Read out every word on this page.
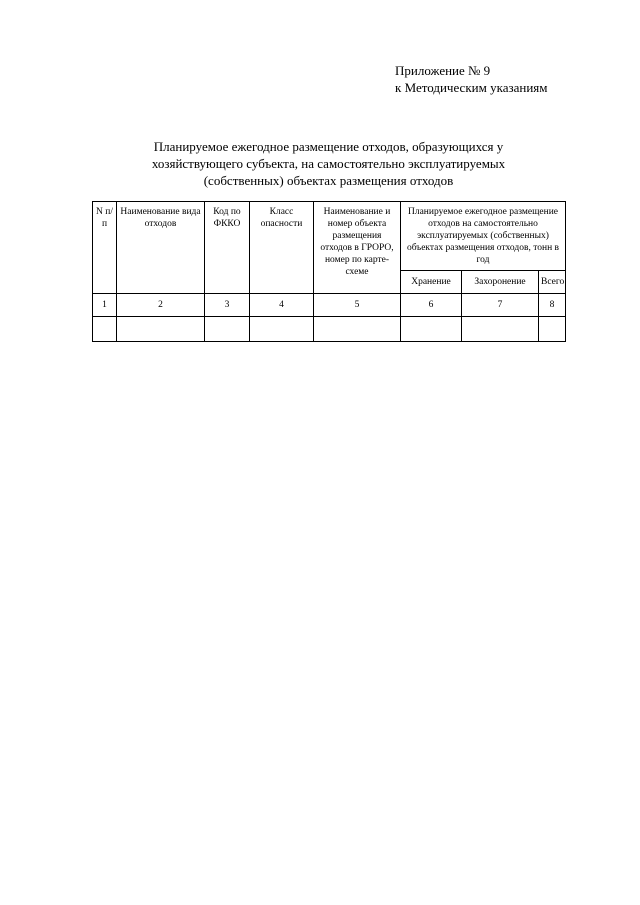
Приложение № 9
к Методическим указаниям
Планируемое ежегодное размещение отходов, образующихся у
хозяйствующего субъекта, на самостоятельно эксплуатируемых
(собственных) объектах размещения отходов
N п/п	Наименование вида отходов	Код по ФККО	Класс опасности	Наименование и номер объекта размещения отходов в ГРОРО, номер по карте-схеме	Планируемое ежегодное размещение отходов на самостоятельно эксплуатируемых (собственных) объектах размещения отходов, тонн в год		
					Хранение	Захоронение	Всего
1	2	3	4	5	6	7	8
